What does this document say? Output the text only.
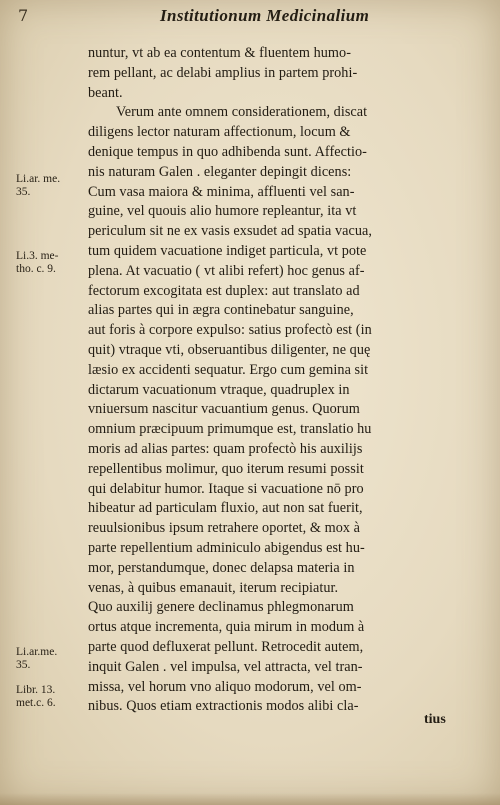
7	Institutionum Medicinalium
nuntur, vt ab ea contentum & fluentem humo-
rem pellant, ac delabi amplius in partem prohi-
beant.
Verum ante omnem considerationem, discat
diligens lector naturam affectionum, locum &
denique tempus in quo adhibenda sunt. Affectio-
nis naturam Galen . eleganter depingit dicens:
Cum vasa maiora & minima, affluenti vel san-
guine, vel quouis alio humore repleantur, ita vt
periculum sit ne ex vasis exsudet ad spatia vacua,
tum quidem vacuatione indiget particula, vt pote
plena. At vacuatio ( vt alibi refert) hoc genus af-
fectorum excogitata est duplex: aut translato ad
alias partes qui in ægra continebatur sanguine,
aut foris à corpore expulso: satius profectò est (in
quit) vtraque vti, obseruantibus diligenter, ne quę
læsio ex accidenti sequatur. Ergo cum gemina sit
dictarum vacuationum vtraque, quadruplex in
vniuersum nascitur vacuantium genus. Quorum
omnium præcipuum primumque est, translatio hu
moris ad alias partes: quam profectò his auxilijs
repellentibus molimur, quo iterum resumi possit
qui delabitur humor. Itaque si vacuatione nō pro
hibeatur ad particulam fluxio, aut non sat fuerit,
reuulsionibus ipsum retrahere oportet, & mox à
parte repellentium adminiculo abigendus est hu-
mor, perstandumque, donec delapsa materia in
venas, à quibus emanauit, iterum recipiatur.
Quo auxilij genere declinamus phlegmonarum
ortus atque incrementa, quia mirum in modum à
parte quod defluxerat pellunt. Retrocedit autem,
inquit Galen . vel impulsa, vel attracta, vel tran-
missa, vel horum vno aliquo modorum, vel om-
nibus. Quos etiam extractionis modos alibi cla-
Li.ar. me.
35.
Li.3. me-
tho. c. 9.
Li.ar.me.
35.
Libr. 13.
met.c. 6.
tius
